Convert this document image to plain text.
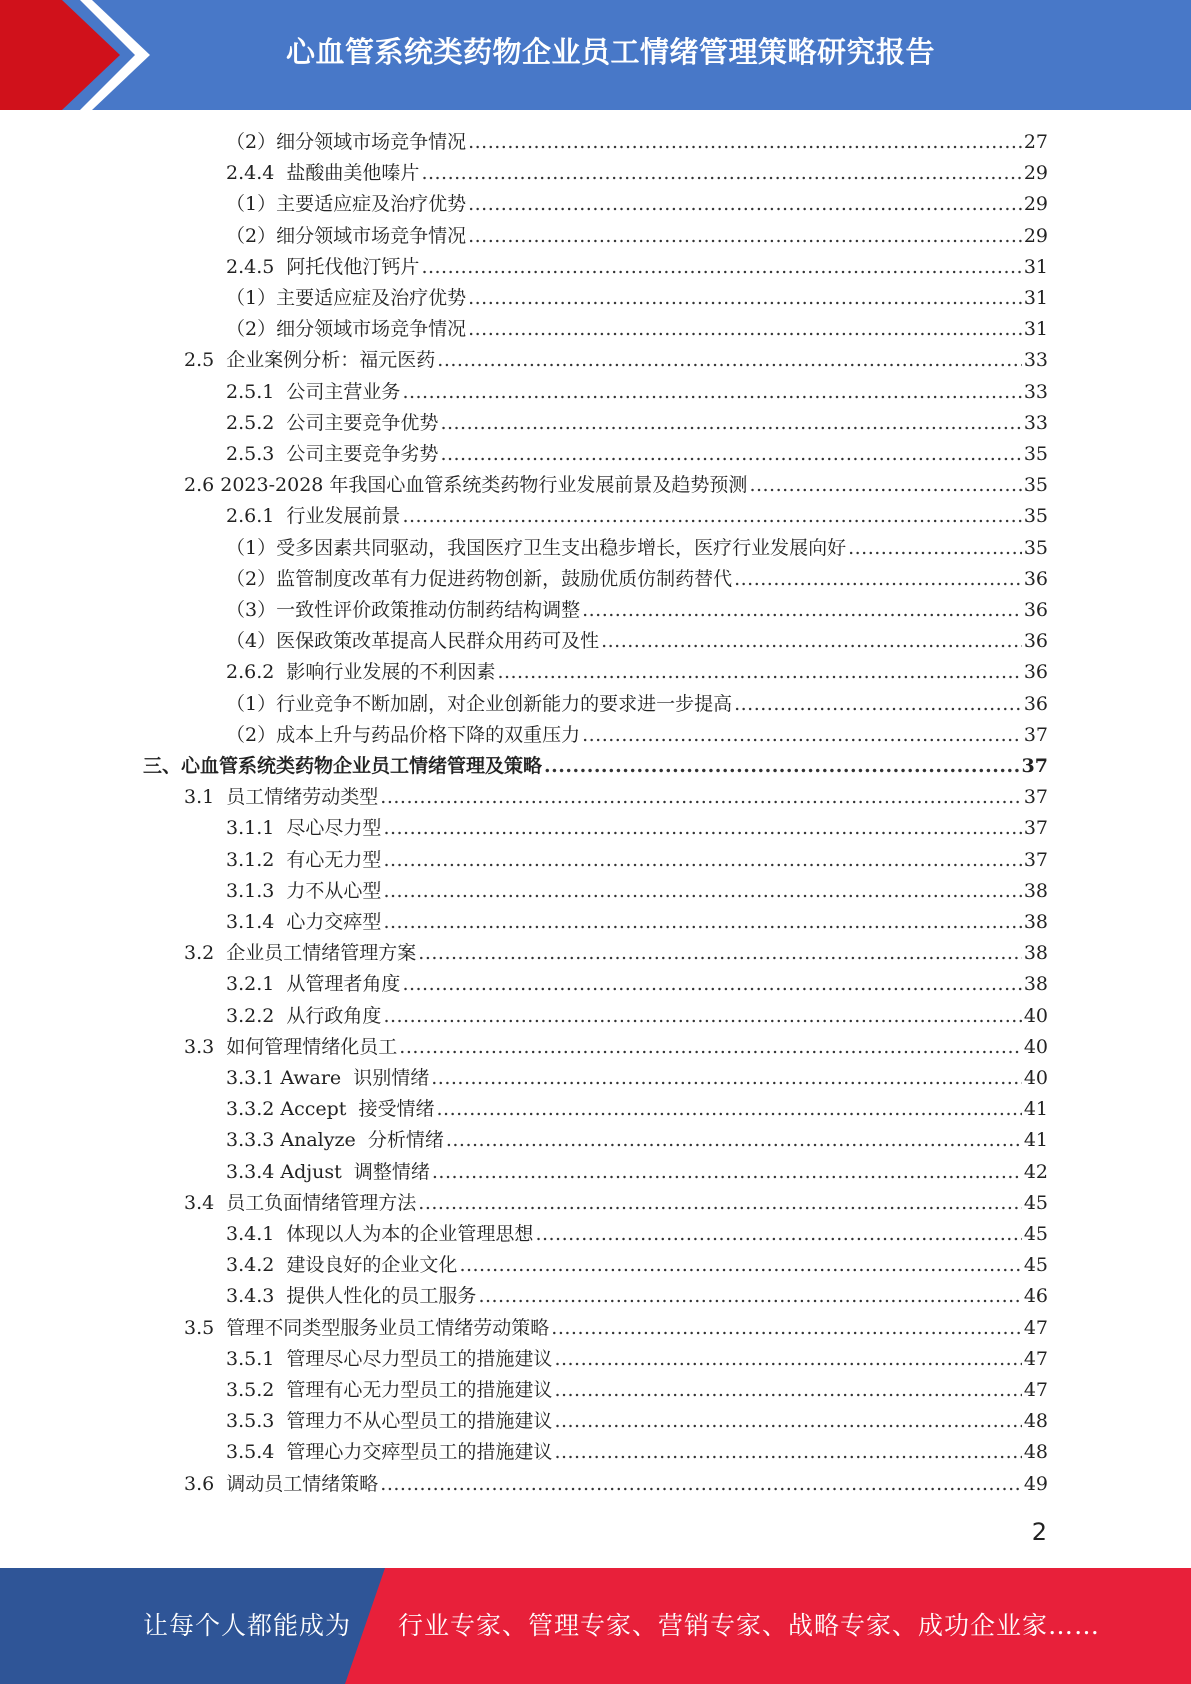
心血管系统类药物企业员工情绪管理策略研究报告
（2）细分领域市场竞争情况 .....	27
2.4.4  盐酸曲美他嗪片 .....	29
（1）主要适应症及治疗优势 .....	29
（2）细分领域市场竞争情况 .....	29
2.4.5  阿托伐他汀钙片 .....	31
（1）主要适应症及治疗优势 .....	31
（2）细分领域市场竞争情况 .....	31
2.5  企业案例分析：福元医药 .....	33
2.5.1  公司主营业务 .....	33
2.5.2  公司主要竞争优势 .....	33
2.5.3  公司主要竞争劣势 .....	35
2.6 2023-2028 年我国心血管系统类药物行业发展前景及趋势预测 .....	35
2.6.1  行业发展前景 .....	35
（1）受多因素共同驱动，我国医疗卫生支出稳步增长，医疗行业发展向好 .....	35
（2）监管制度改革有力促进药物创新，鼓励优质仿制药替代 .....	36
（3）一致性评价政策推动仿制药结构调整 .....	36
（4）医保政策改革提高人民群众用药可及性 .....	36
2.6.2  影响行业发展的不利因素 .....	36
（1）行业竞争不断加剧，对企业创新能力的要求进一步提高 .....	36
（2）成本上升与药品价格下降的双重压力 .....	37
三、心血管系统类药物企业员工情绪管理及策略 .....	37
3.1  员工情绪劳动类型 .....	37
3.1.1  尽心尽力型 .....	37
3.1.2  有心无力型 .....	37
3.1.3  力不从心型 .....	38
3.1.4  心力交瘁型 .....	38
3.2  企业员工情绪管理方案 .....	38
3.2.1  从管理者角度 .....	38
3.2.2  从行政角度 .....	40
3.3  如何管理情绪化员工 .....	40
3.3.1 Aware  识别情绪 .....	40
3.3.2 Accept  接受情绪 .....	41
3.3.3 Analyze  分析情绪 .....	41
3.3.4 Adjust  调整情绪 .....	42
3.4  员工负面情绪管理方法 .....	45
3.4.1  体现以人为本的企业管理思想 .....	45
3.4.2  建设良好的企业文化 .....	45
3.4.3  提供人性化的员工服务 .....	46
3.5  管理不同类型服务业员工情绪劳动策略 .....	47
3.5.1  管理尽心尽力型员工的措施建议 .....	47
3.5.2  管理有心无力型员工的措施建议 .....	47
3.5.3  管理力不从心型员工的措施建议 .....	48
3.5.4  管理心力交瘁型员工的措施建议 .....	48
3.6  调动员工情绪策略 .....	49
2
让每个人都能成为 行业专家、管理专家、营销专家、战略专家、成功企业家……
